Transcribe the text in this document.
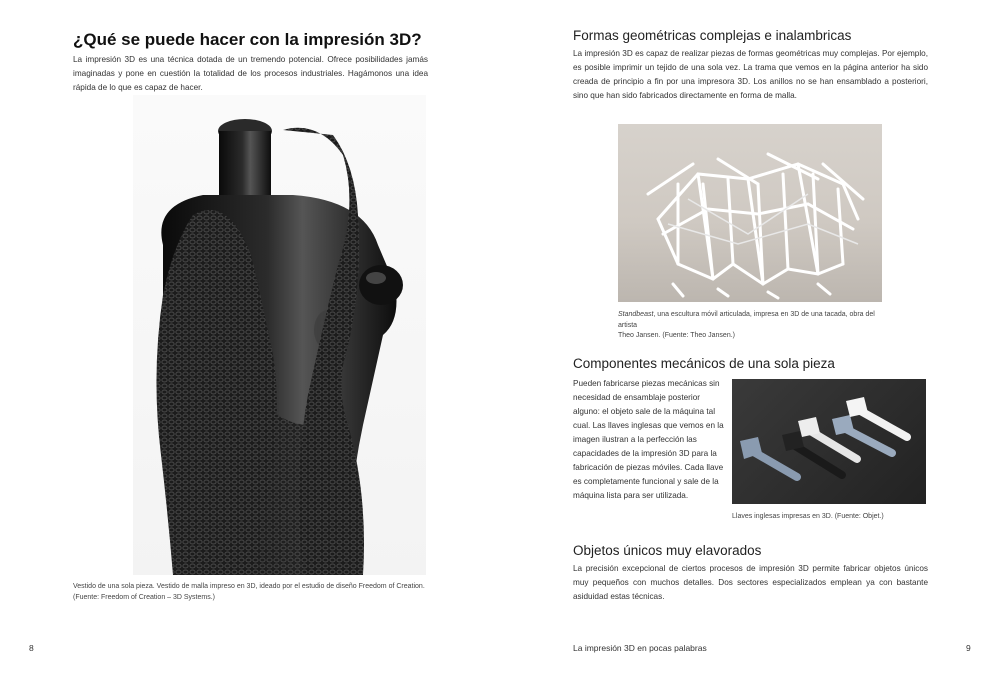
¿Qué se puede hacer con la impresión 3D?

La impresión 3D es una técnica dotada de un tremendo potencial. Ofrece posibilidades jamás imaginadas y pone en cuestión la totalidad de los procesos industriales. Hagámonos una idea rápida de lo que es capaz de hacer.

Vestido de una sola pieza. Vestido de malla impreso en 3D, ideado por el estudio de diseño Freedom of Creation.
(Fuente: Freedom of Creation – 3D Systems.)

8
Formas geométricas complejas e inalambricas

La impresión 3D es capaz de realizar piezas de formas geométricas muy complejas. Por ejemplo, es posible imprimir un tejido de una sola vez. La trama que vemos en la página anterior ha sido creada de principio a fin por una impresora 3D. Los anillos no se han ensamblado a posteriori, sino que han sido fabricados directamente en forma de malla.

Standbeast, una escultura móvil articulada, impresa en 3D de una tacada, obra del artista
Theo Jansen. (Fuente: Theo Jansen.)

Componentes mecánicos de una sola pieza

Pueden fabricarse piezas mecánicas sin necesidad de ensamblaje posterior alguno: el objeto sale de la máquina tal cual. Las llaves inglesas que vemos en la imagen ilustran a la perfección las capacidades de la impresión 3D para la fabricación de piezas móviles. Cada llave es completamente funcional y sale de la máquina lista para ser utilizada.

Llaves inglesas impresas en 3D. (Fuente: Objet.)

Objetos únicos muy elavorados

La precisión excepcional de ciertos procesos de impresión 3D permite fabricar objetos únicos muy pequeños con muchos detalles. Dos sectores especializados emplean ya con bastante asiduidad estas técnicas.

La impresión 3D en pocas palabras	9
